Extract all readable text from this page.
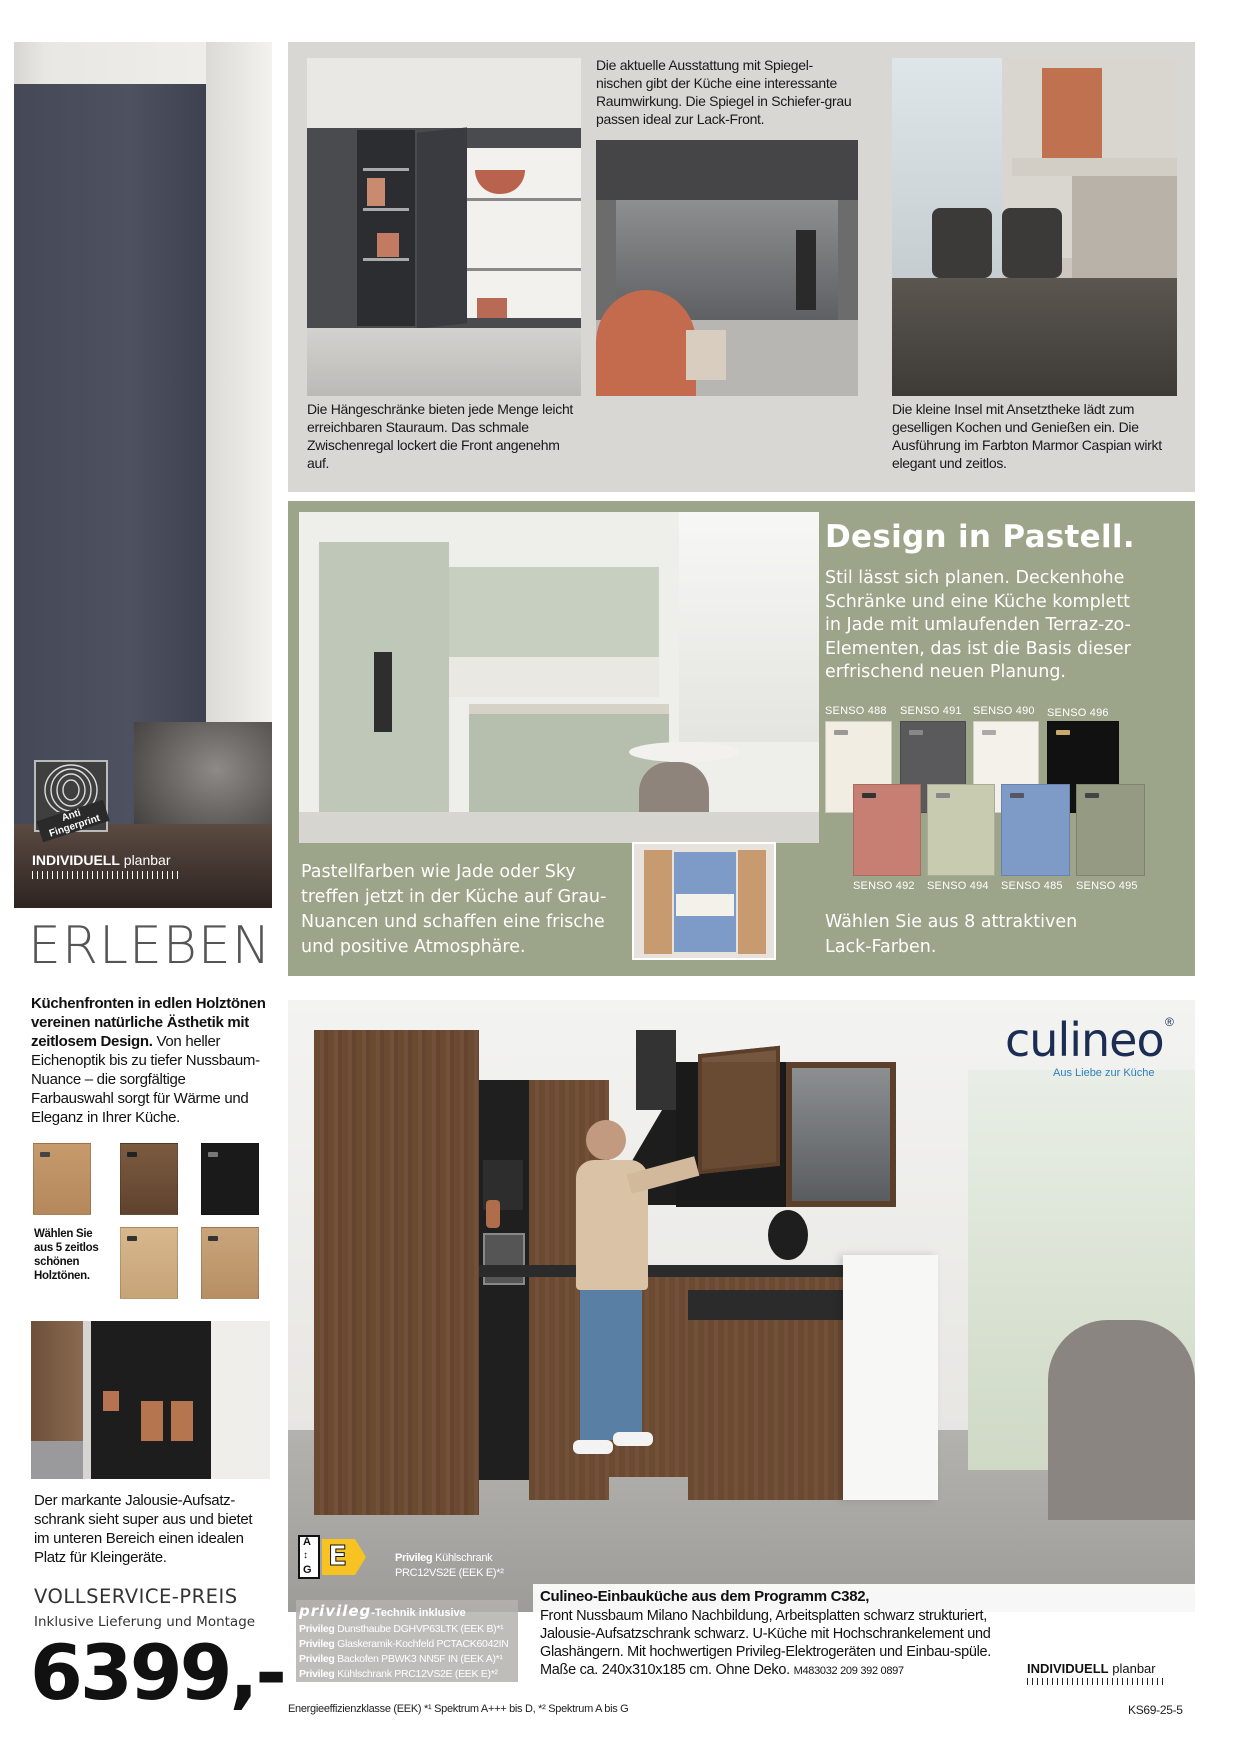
Anti Fingerprint
INDIVIDUELL planbar
Die aktuelle Ausstattung mit Spiegel-nischen gibt der Küche eine interessante Raumwirkung. Die Spiegel in Schiefer-grau passen ideal zur Lack-Front.
Die Hängeschränke bieten jede Menge leicht erreichbaren Stauraum. Das schmale Zwischenregal lockert die Front angenehm auf.
Die kleine Insel mit Ansetztheke lädt zum geselligen Kochen und Genießen ein. Die Ausführung im Farbton Marmor Caspian wirkt elegant und zeitlos.
Design in Pastell.
Stil lässt sich planen. Deckenhohe Schränke und eine Küche komplett in Jade mit umlaufenden Terraz-zo-Elementen, das ist die Basis dieser erfrischend neuen Planung.
SENSO 488 SENSO 491 SENSO 490 SENSO 496
SENSO 492 SENSO 494 SENSO 485 SENSO 495
Pastellfarben wie Jade oder Sky treffen jetzt in der Küche auf Grau-Nuancen und schaffen eine frische und positive Atmosphäre.
Wählen Sie aus 8 attraktiven Lack-Farben.
ERLEBEN
Küchenfronten in edlen Holztönen vereinen natürliche Ästhetik mit zeitlosem Design. Von heller Eichenoptik bis zu tiefer Nussbaum-Nuance – die sorgfältige Farbauswahl sorgt für Wärme und Eleganz in Ihrer Küche.
Wählen Sie aus 5 zeitlos schönen Holztönen.
Der markante Jalousie-Aufsatz-schrank sieht super aus und bietet im unteren Bereich einen idealen Platz für Kleingeräte.
VOLLSERVICE-PREIS
Inklusive Lieferung und Montage
6399,-
culineo ®
Aus Liebe zur Küche
A
↕
G E	Privileg Kühlschrank
PRC12VS2E (EEK E)*²
privileg-Technik inklusive
Privileg Dunsthaube DGHVP63LTK (EEK B)*¹
Privileg Glaskeramik-Kochfeld PCTACK6042IN
Privileg Backofen PBWK3 NN5F IN (EEK A)*¹
Privileg Kühlschrank PRC12VS2E (EEK E)*²
Culineo-Einbauküche aus dem Programm C382,
Front Nussbaum Milano Nachbildung, Arbeitsplatten schwarz strukturiert, Jalousie-Aufsatzschrank schwarz. U-Küche mit Hochschrankelement und Glashängern. Mit hochwertigen Privileg-Elektrogeräten und Einbau-spüle. Maße ca. 240x310x185 cm. Ohne Deko. M483032 209 392 0897	INDIVIDUELL planbar
Energieeffizienzklasse (EEK) *¹ Spektrum A+++ bis D, *² Spektrum A bis G	KS69-25-5
